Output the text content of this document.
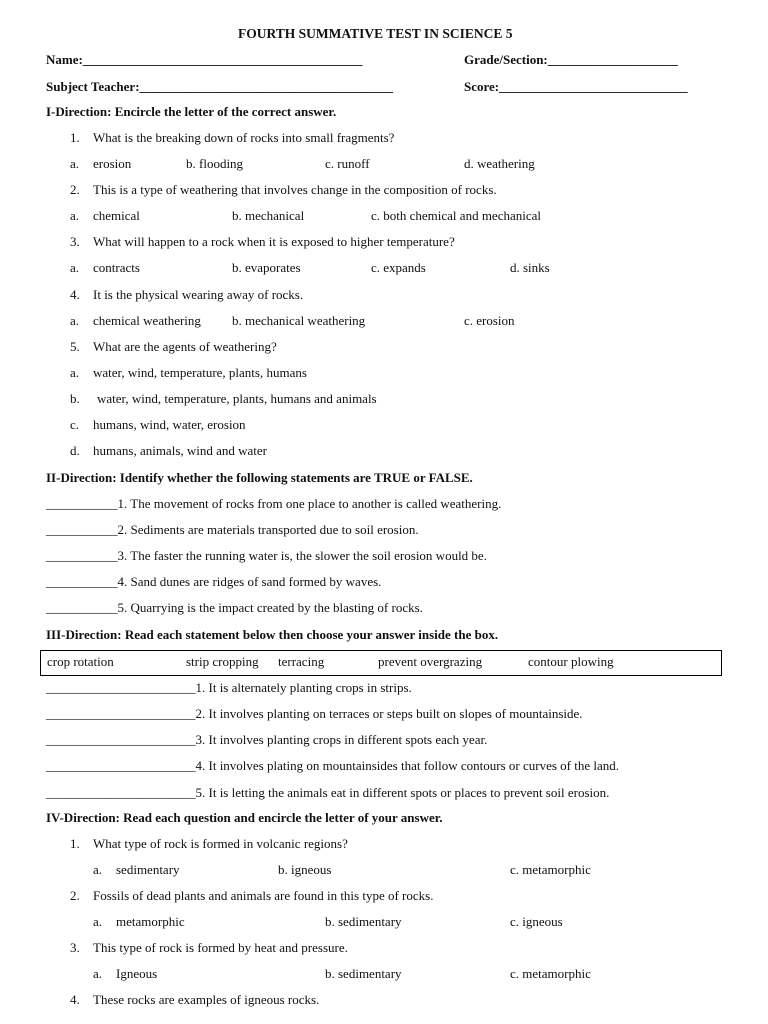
FOURTH SUMMATIVE TEST IN SCIENCE 5
Name:___________________________________________	Grade/Section:____________________
Subject Teacher:_______________________________________	Score:_____________________________
I-Direction: Encircle the letter of the correct answer.
1. What is the breaking down of rocks into small fragments?
a. erosion	b. flooding	c. runoff	d. weathering
2. This is a type of weathering that involves change in the composition of rocks.
a. chemical	b. mechanical	c. both chemical and mechanical
3. What will happen to a rock when it is exposed to higher temperature?
a. contracts	b. evaporates	c. expands	d. sinks
4. It is the physical wearing away of rocks.
a. chemical weathering b. mechanical weathering	c. erosion
5. What are the agents of weathering?
a. water, wind, temperature, plants, humans
b. water, wind, temperature, plants, humans and animals
c. humans, wind, water, erosion
d. humans, animals, wind and water
II-Direction: Identify whether the following statements are TRUE or FALSE.
___________1. The movement of rocks from one place to another is called weathering.
___________2. Sediments are materials transported due to soil erosion.
___________3. The faster the running water is, the slower the soil erosion would be.
___________4. Sand dunes are ridges of sand formed by waves.
___________5. Quarrying is the impact created by the blasting of rocks.
III-Direction: Read each statement below then choose your answer inside the box.
crop rotation	strip cropping terracing	prevent overgrazing	contour plowing
_______________________1. It is alternately planting crops in strips.
_______________________2. It involves planting on terraces or steps built on slopes of mountainside.
_______________________3. It involves planting crops in different spots each year.
_______________________4. It involves plating on mountainsides that follow contours or curves of the land.
_______________________5. It is letting the animals eat in different spots or places to prevent soil erosion.
IV-Direction: Read each question and encircle the letter of your answer.
1. What type of rock is formed in volcanic regions?
a. sedimentary	b. igneous	c. metamorphic
2. Fossils of dead plants and animals are found in this type of rocks.
a. metamorphic	b. sedimentary	c. igneous
3. This type of rock is formed by heat and pressure.
a. Igneous	b. sedimentary	c. metamorphic
4. These rocks are examples of igneous rocks.
